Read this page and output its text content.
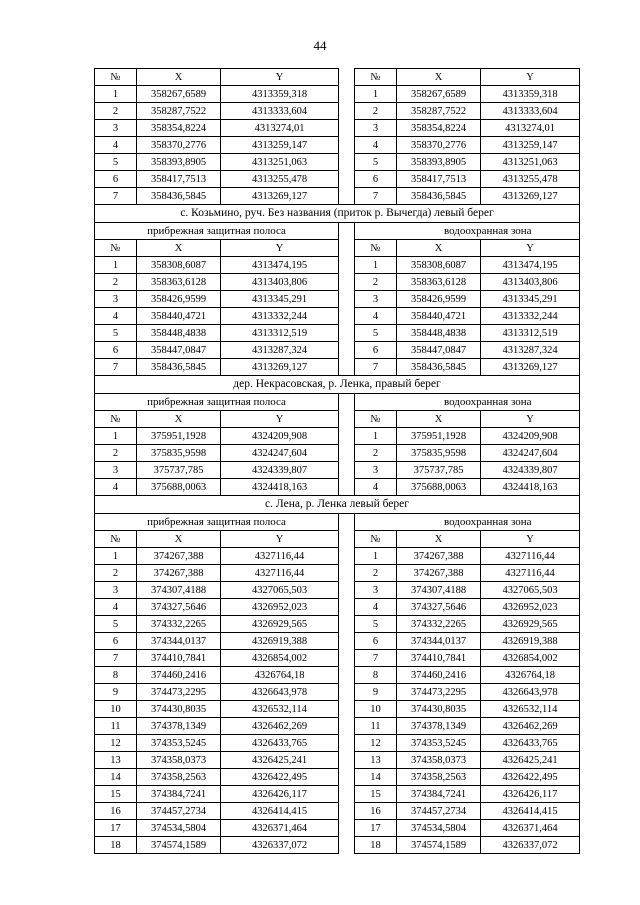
44
№	X	Y		№	X	Y
1	358267,6589	4313359,318		1	358267,6589	4313359,318
2	358287,7522	4313333,604		2	358287,7522	4313333,604
3	358354,8224	4313274,01		3	358354,8224	4313274,01
4	358370,2776	4313259,147		4	358370,2776	4313259,147
5	358393,8905	4313251,063		5	358393,8905	4313251,063
6	358417,7513	4313255,478		6	358417,7513	4313255,478
7	358436,5845	4313269,127		7	358436,5845	4313269,127
с. Козьмино, руч. Без названия (приток р. Вычегда) левый берег						
прибрежная защитная полоса					водоохранная зона	
№	X	Y		№	X	Y
1	358308,6087	4313474,195		1	358308,6087	4313474,195
2	358363,6128	4313403,806		2	358363,6128	4313403,806
3	358426,9599	4313345,291		3	358426,9599	4313345,291
4	358440,4721	4313332,244		4	358440,4721	4313332,244
5	358448,4838	4313312,519		5	358448,4838	4313312,519
6	358447,0847	4313287,324		6	358447,0847	4313287,324
7	358436,5845	4313269,127		7	358436,5845	4313269,127
дер. Некрасовская, р. Ленка, правый берег						
прибрежная защитная полоса					водоохранная зона	
№	X	Y		№	X	Y
1	375951,1928	4324209,908		1	375951,1928	4324209,908
2	375835,9598	4324247,604		2	375835,9598	4324247,604
3	375737,785	4324339,807		3	375737,785	4324339,807
4	375688,0063	4324418,163		4	375688,0063	4324418,163
с. Лена, р. Ленка левый берег						
прибрежная защитная полоса					водоохранная зона	
№	X	Y		№	X	Y
1	374267,388	4327116,44		1	374267,388	4327116,44
2	374267,388	4327116,44		2	374267,388	4327116,44
3	374307,4188	4327065,503		3	374307,4188	4327065,503
4	374327,5646	4326952,023		4	374327,5646	4326952,023
5	374332,2265	4326929,565		5	374332,2265	4326929,565
6	374344,0137	4326919,388		6	374344,0137	4326919,388
7	374410,7841	4326854,002		7	374410,7841	4326854,002
8	374460,2416	4326764,18		8	374460,2416	4326764,18
9	374473,2295	4326643,978		9	374473,2295	4326643,978
10	374430,8035	4326532,114		10	374430,8035	4326532,114
11	374378,1349	4326462,269		11	374378,1349	4326462,269
12	374353,5245	4326433,765		12	374353,5245	4326433,765
13	374358,0373	4326425,241		13	374358,0373	4326425,241
14	374358,2563	4326422,495		14	374358,2563	4326422,495
15	374384,7241	4326426,117		15	374384,7241	4326426,117
16	374457,2734	4326414,415		16	374457,2734	4326414,415
17	374534,5804	4326371,464		17	374534,5804	4326371,464
18	374574,1589	4326337,072		18	374574,1589	4326337,072
